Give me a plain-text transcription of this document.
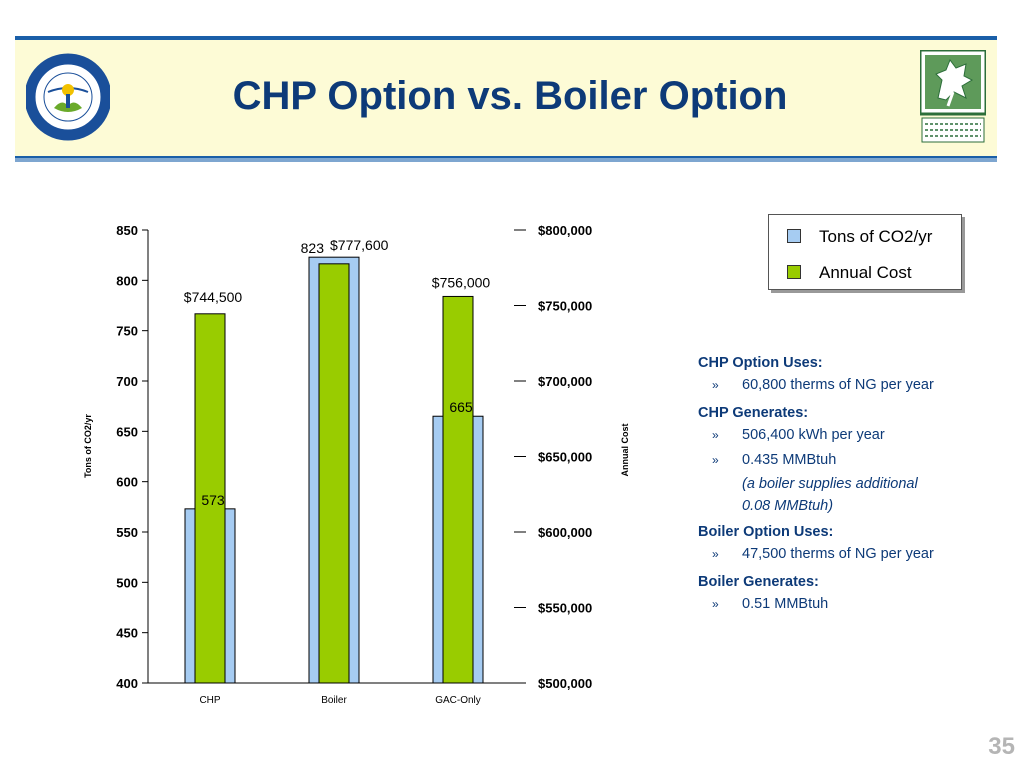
CHP Option vs. Boiler Option
400
450
500
550
600
650
700
750
800
850
$500,000
$550,000
$600,000
$650,000
$700,000
$750,000
$800,000
Tons of CO2/yr	Annual Cost
CHP	Boiler	GAC-Only
573
823
665
$744,500
$777,600
$756,000
Tons of CO2/yr
Annual Cost
CHP Option Uses:
» 60,800 therms of NG per year
CHP Generates:
» 506,400 kWh per year
» 0.435 MMBtuh
(a boiler supplies additional
0.08 MMBtuh)
Boiler Option Uses:
» 47,500 therms of NG per year
Boiler Generates:
» 0.51 MMBtuh
35
